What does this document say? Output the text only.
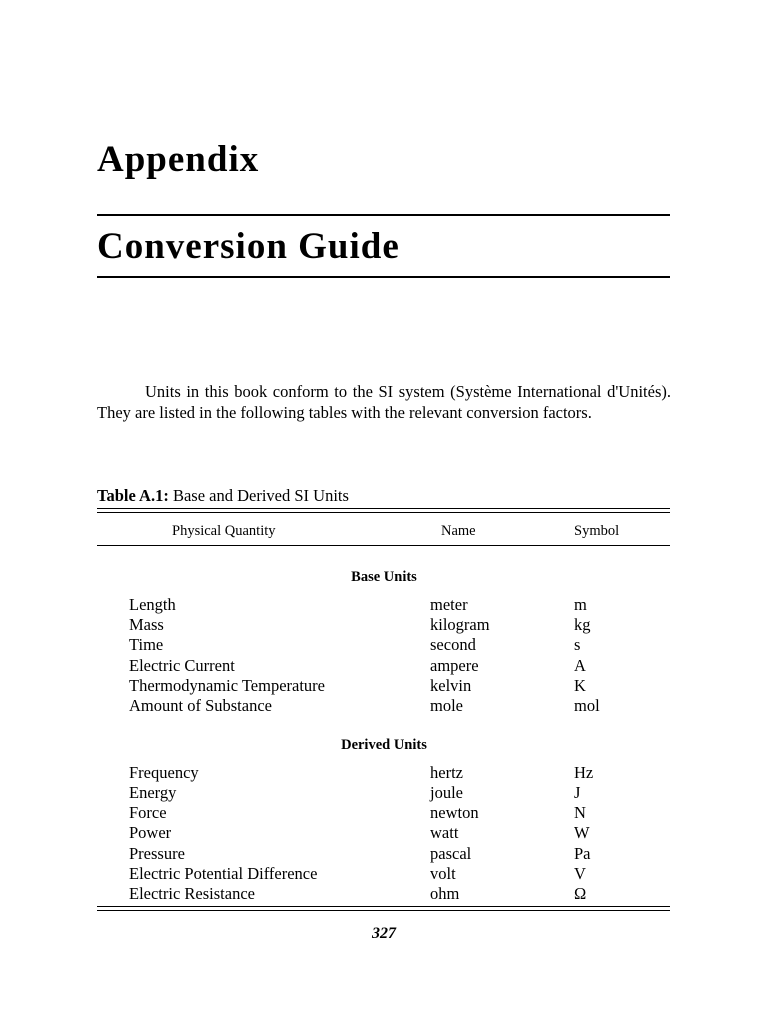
Appendix
Conversion Guide

Units in this book conform to the SI system (Système International d'Unités). They are listed in the following tables with the relevant conversion factors.

Table A.1: Base and Derived SI Units

Physical Quantity	Name	Symbol
Base Units
Length	meter	m
Mass	kilogram	kg
Time	second	s
Electric Current	ampere	A
Thermodynamic Temperature	kelvin	K
Amount of Substance	mole	mol
Derived Units
Frequency	hertz	Hz
Energy	joule	J
Force	newton	N
Power	watt	W
Pressure	pascal	Pa
Electric Potential Difference	volt	V
Electric Resistance	ohm	Ω
327
